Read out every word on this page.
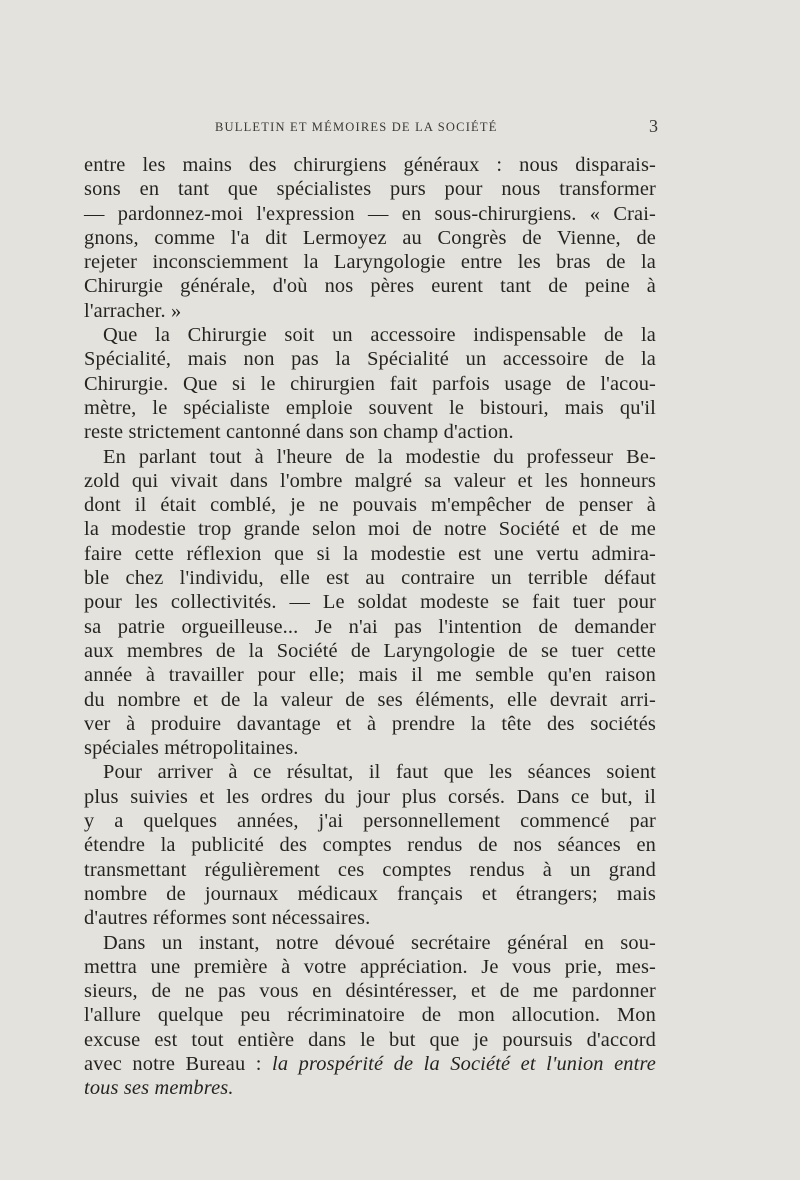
BULLETIN ET MÉMOIRES DE LA SOCIÉTÉ	3
entre les mains des chirurgiens généraux : nous disparais-
sons en tant que spécialistes purs pour nous transformer
— pardonnez-moi l'expression — en sous-chirurgiens. « Crai-
gnons, comme l'a dit Lermoyez au Congrès de Vienne, de
rejeter inconsciemment la Laryngologie entre les bras de la
Chirurgie générale, d'où nos pères eurent tant de peine à
l'arracher. »
Que la Chirurgie soit un accessoire indispensable de la
Spécialité, mais non pas la Spécialité un accessoire de la
Chirurgie. Que si le chirurgien fait parfois usage de l'acou-
mètre, le spécialiste emploie souvent le bistouri, mais qu'il
reste strictement cantonné dans son champ d'action.
En parlant tout à l'heure de la modestie du professeur Be-
zold qui vivait dans l'ombre malgré sa valeur et les honneurs
dont il était comblé, je ne pouvais m'empêcher de penser à
la modestie trop grande selon moi de notre Société et de me
faire cette réflexion que si la modestie est une vertu admira-
ble chez l'individu, elle est au contraire un terrible défaut
pour les collectivités. — Le soldat modeste se fait tuer pour
sa patrie orgueilleuse... Je n'ai pas l'intention de demander
aux membres de la Société de Laryngologie de se tuer cette
année à travailler pour elle; mais il me semble qu'en raison
du nombre et de la valeur de ses éléments, elle devrait arri-
ver à produire davantage et à prendre la tête des sociétés
spéciales métropolitaines.
Pour arriver à ce résultat, il faut que les séances soient
plus suivies et les ordres du jour plus corsés. Dans ce but, il
y a quelques années, j'ai personnellement commencé par
étendre la publicité des comptes rendus de nos séances en
transmettant régulièrement ces comptes rendus à un grand
nombre de journaux médicaux français et étrangers; mais
d'autres réformes sont nécessaires.
Dans un instant, notre dévoué secrétaire général en sou-
mettra une première à votre appréciation. Je vous prie, mes-
sieurs, de ne pas vous en désintéresser, et de me pardonner
l'allure quelque peu récriminatoire de mon allocution. Mon
excuse est tout entière dans le but que je poursuis d'accord
avec notre Bureau : la prospérité de la Société et l'union entre
tous ses membres.
